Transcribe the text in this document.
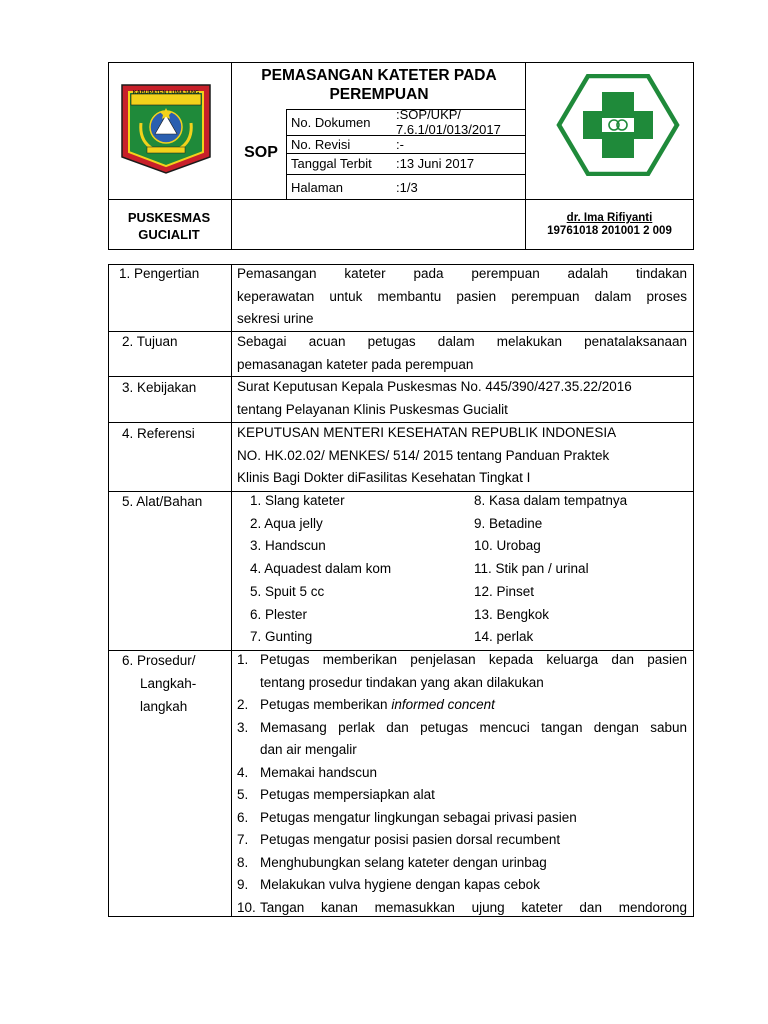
KABUPATEN LUMAJANG
PEMASANGAN KATETER PADA
PEREMPUAN
SOP
No. Dokumen
:SOP/UKP/
7.6.1/01/013/2017
No. Revisi	:-
Tanggal Terbit :13 Juni 2017
Halaman	:1/3
PUSKESMAS
GUCIALIT
dr. Ima Rifiyanti
19761018 201001 2 009
1. Pengertian	Pemasangan kateter pada perempuan adalah tindakan
keperawatan untuk membantu pasien perempuan dalam proses
sekresi urine
2. Tujuan	Sebagai acuan petugas dalam melakukan penatalaksanaan
pemasanagan kateter pada perempuan
3. Kebijakan	Surat Keputusan Kepala Puskesmas No. 445/390/427.35.22/2016
tentang Pelayanan Klinis Puskesmas Gucialit
4. Referensi	KEPUTUSAN MENTERI KESEHATAN REPUBLIK INDONESIA
NO. HK.02.02/ MENKES/ 514/ 2015 tentang Panduan Praktek
Klinis Bagi Dokter diFasilitas Kesehatan Tingkat I
5. Alat/Bahan	1. Slang kateter
2. Aqua jelly
3. Handscun
4. Aquadest dalam kom
5. Spuit 5 cc
6. Plester
7. Gunting
8. Kasa dalam tempatnya
9. Betadine
10. Urobag
11. Stik pan / urinal
12. Pinset
13. Bengkok
14. perlak
6. Prosedur/
Langkah-
langkah
1. Petugas memberikan penjelasan kepada keluarga dan pasien
tentang prosedur tindakan yang akan dilakukan
2. Petugas memberikan informed concent
3. Memasang perlak dan petugas mencuci tangan dengan sabun
dan air mengalir
4. Memakai handscun
5. Petugas mempersiapkan alat
6. Petugas mengatur lingkungan sebagai privasi pasien
7. Petugas mengatur posisi pasien dorsal recumbent
8. Menghubungkan selang kateter dengan urinbag
9. Melakukan vulva hygiene dengan kapas cebok
10. Tangan kanan memasukkan ujung kateter dan mendorong
